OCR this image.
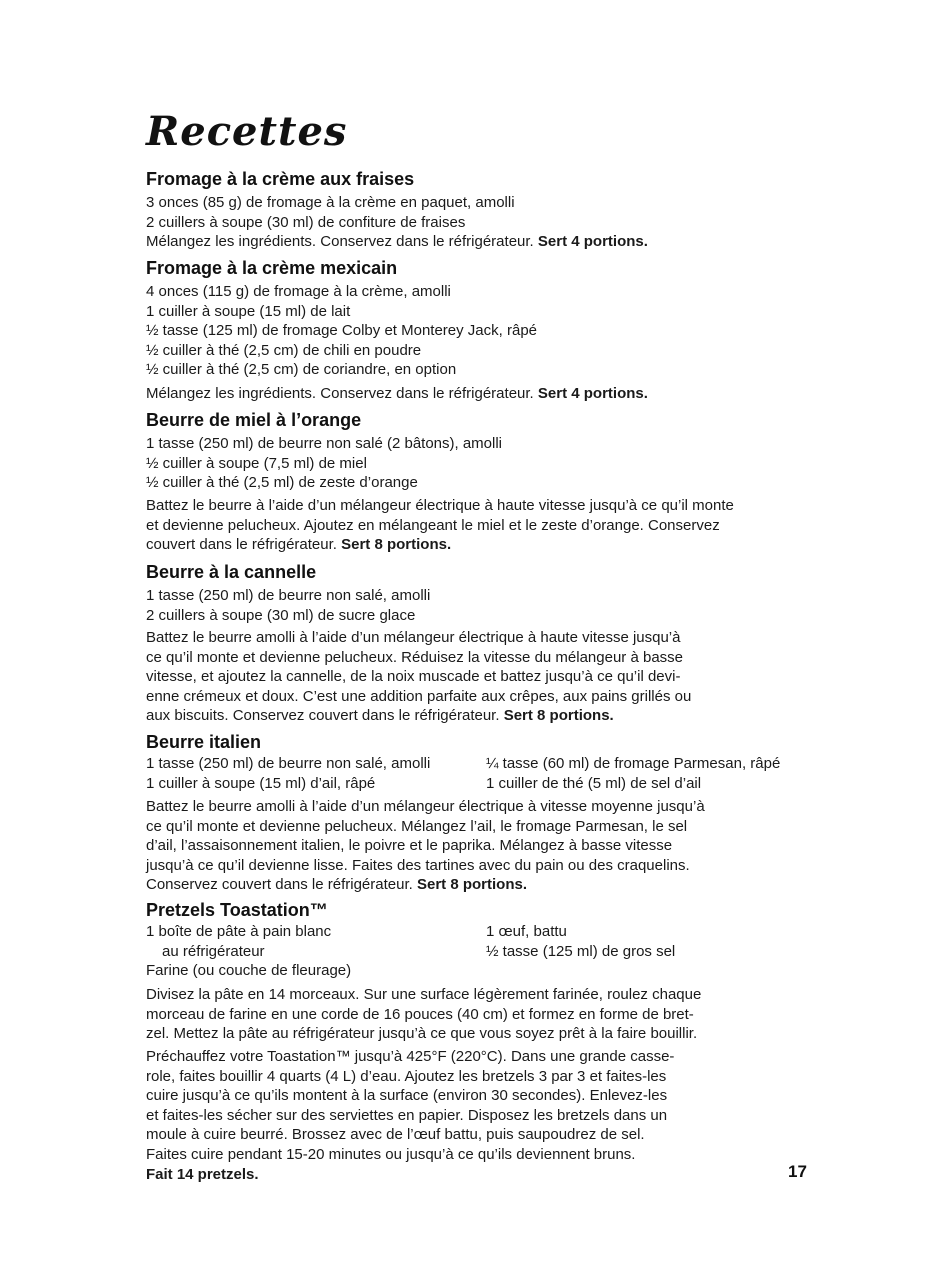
Recettes
Fromage à la crème aux fraises
3 onces (85 g) de fromage à la crème en paquet, amolli
2 cuillers à soupe (30 ml) de confiture de fraises

Mélangez les ingrédients. Conservez dans le réfrigérateur. Sert 4 portions.

Fromage à la crème mexicain
4 onces (115 g) de fromage à la crème, amolli
1 cuiller à soupe (15 ml) de lait
½ tasse (125 ml) de fromage Colby et Monterey Jack, râpé
½ cuiller à thé (2,5 cm) de chili en poudre
½ cuiller à thé (2,5 cm) de coriandre, en option

Mélangez les ingrédients. Conservez dans le réfrigérateur. Sert 4 portions.

Beurre de miel à l’orange
1 tasse (250 ml) de beurre non salé (2 bâtons), amolli
½ cuiller à soupe (7,5 ml) de miel
½ cuiller à thé (2,5 ml) de zeste d’orange
Battez le beurre à l’aide d’un mélangeur électrique à haute vitesse jusqu’à ce qu’il monte
et devienne pelucheux. Ajoutez en mélangeant le miel et le zeste d’orange. Conservez
couvert dans le réfrigérateur. Sert 8 portions.
Beurre à la cannelle
1 tasse (250 ml) de beurre non salé, amolli
2 cuillers à soupe (30 ml) de sucre glace
Battez le beurre amolli à l’aide d’un mélangeur électrique à haute vitesse jusqu’à
ce qu’il monte et devienne pelucheux. Réduisez la vitesse du mélangeur à basse
vitesse, et ajoutez la cannelle, de la noix muscade et battez jusqu’à ce qu’il devi-
enne crémeux et doux. C’est une addition parfaite aux crêpes, aux pains grillés ou
aux biscuits. Conservez couvert dans le réfrigérateur. Sert 8 portions.
Beurre italien
1 tasse (250 ml) de beurre non salé, amolli	¼ tasse (60 ml) de fromage Parmesan, râpé
1 cuiller à soupe (15 ml) d’ail, râpé	1 cuiller de thé (5 ml) de sel d’ail
Battez le beurre amolli à l’aide d’un mélangeur électrique à vitesse moyenne jusqu’à
ce qu’il monte et devienne pelucheux. Mélangez l’ail, le fromage Parmesan, le sel
d’ail, l’assaisonnement italien, le poivre et le paprika. Mélangez à basse vitesse
jusqu’à ce qu’il devienne lisse. Faites des tartines avec du pain ou des craquelins.
Conservez couvert dans le réfrigérateur. Sert 8 portions.
Pretzels Toastation™
1 boîte de pâte à pain blanc	1 œuf, battu
au réfrigérateur	½ tasse (125 ml) de gros sel
Farine (ou couche de fleurage)
Divisez la pâte en 14 morceaux. Sur une surface légèrement farinée, roulez chaque
morceau de farine en une corde de 16 pouces (40 cm) et formez en forme de bret-
zel. Mettez la pâte au réfrigérateur jusqu’à ce que vous soyez prêt à la faire bouillir.
Préchauffez votre Toastation™ jusqu’à 425°F (220°C). Dans une grande casse-
role, faites bouillir 4 quarts (4 L) d’eau. Ajoutez les bretzels 3 par 3 et faites-les
cuire jusqu’à ce qu’ils montent à la surface (environ 30 secondes). Enlevez-les
et faites-les sécher sur des serviettes en papier. Disposez les bretzels dans un
moule à cuire beurré. Brossez avec de l’œuf battu, puis saupoudrez de sel.
Faites cuire pendant 15-20 minutes ou jusqu’à ce qu’ils deviennent bruns.
Fait 14 pretzels.	17
